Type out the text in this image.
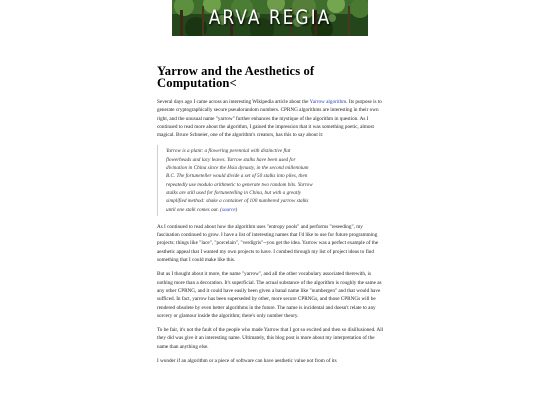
ARVA REGIA
Yarrow and the Aesthetics of Computation<

Several days ago I came across an interesting Wikipedia article about the Yarrow algorithm. Its purpose is to generate cryptographically secure pseudorandom numbers. CPRNG algorithms are interesting in their own right, and the unusual name "yarrow" further enhances the mystique of the algorithm in question. As I continued to read more about the algorithm, I gained the impression that it was something poetic, almost magical. Bruce Schneier, one of the algorithm's creators, has this to say about it:

Yarrow is a plant: a flowering perennial with distinctive flat flowerheads and lacy leaves. Yarrow stalks have been used for divination in China since the Hsia dynasty, in the second millennium B.C. The fortuneteller would divide a set of 50 stalks into piles, then repeatedly use modulo arithmetic to generate two random bits. Yarrow stalks are still used for fortunetelling in China, but with a greatly simplified method: shake a container of 100 numbered yarrow stalks until one stalk comes out. (source)

As I continued to read about how the algorithm uses "entropy pools" and performs "reseeding", my fascination continued to grow. I have a list of interesting names that I'd like to use for future programming projects: things like "lace", "porcelain", "verdigris"--you get the idea. Yarrow was a perfect example of the aesthetic appeal that I wanted my own projects to have. I combed through my list of project ideas to find something that I could make like this.

But as I thought about it more, the name "yarrow", and all the other vocabulary associated therewith, is nothing more than a decoration. It's superficial. The actual substance of the algorithm is roughly the same as any other CPRNG, and it could have easily been given a banal name like "numbergen" and that would have sufficed. In fact, yarrow has been superseded by other, more secure CPRNGs, and those CPRNGs will be rendered obsolete by even better algorithms in the future. The name is incidental and doesn't relate to any sorcery or glamour inside the algorithm; there's only number theory.

To be fair, it's not the fault of the people who made Yarrow that I got so excited and then so disillusioned. All they did was give it an interesting name. Ultimately, this blog post is more about my interpretation of the name than anything else.

I wonder if an algorithm or a piece of software can have aesthetic value not from of its
